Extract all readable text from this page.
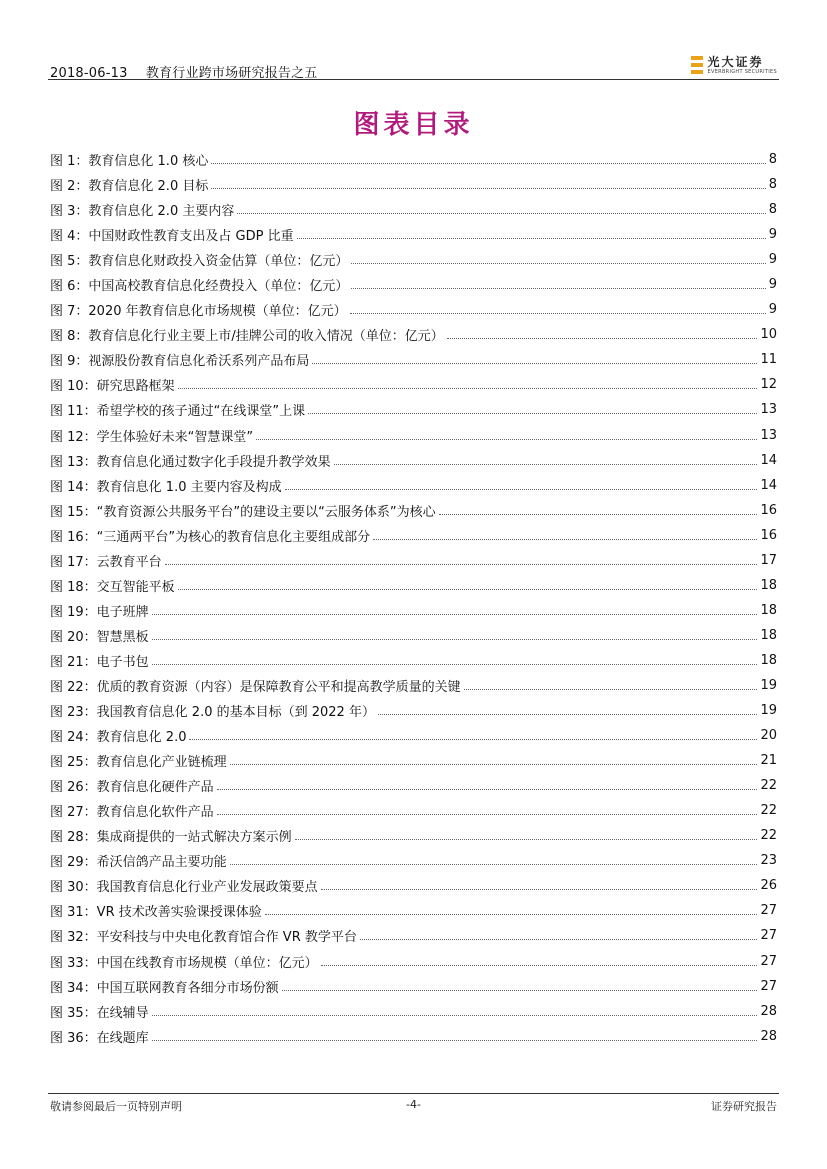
2018-06-13 教育行业跨市场研究报告之五
光大证券
EVERBRIGHT SECURITIES
图表目录
图 1：教育信息化 1.0 核心	8
图 2：教育信息化 2.0 目标	8
图 3：教育信息化 2.0 主要内容	8
图 4：中国财政性教育支出及占 GDP 比重	9
图 5：教育信息化财政投入资金估算（单位：亿元）	9
图 6：中国高校教育信息化经费投入（单位：亿元）	9
图 7：2020 年教育信息化市场规模（单位：亿元）	9
图 8：教育信息化行业主要上市/挂牌公司的收入情况（单位：亿元）	10
图 9：视源股份教育信息化希沃系列产品布局	11
图 10：研究思路框架	12
图 11：希望学校的孩子通过“在线课堂”上课	13
图 12：学生体验好未来“智慧课堂”	13
图 13：教育信息化通过数字化手段提升教学效果	14
图 14：教育信息化 1.0 主要内容及构成	14
图 15：“教育资源公共服务平台”的建设主要以“云服务体系”为核心	16
图 16：“三通两平台”为核心的教育信息化主要组成部分	16
图 17：云教育平台	17
图 18：交互智能平板	18
图 19：电子班牌	18
图 20：智慧黑板	18
图 21：电子书包	18
图 22：优质的教育资源（内容）是保障教育公平和提高教学质量的关键	19
图 23：我国教育信息化 2.0 的基本目标（到 2022 年）	19
图 24：教育信息化 2.0	20
图 25：教育信息化产业链梳理	21
图 26：教育信息化硬件产品	22
图 27：教育信息化软件产品	22
图 28：集成商提供的一站式解决方案示例	22
图 29：希沃信鸽产品主要功能	23
图 30：我国教育信息化行业产业发展政策要点	26
图 31：VR 技术改善实验课授课体验	27
图 32：平安科技与中央电化教育馆合作 VR 教学平台	27
图 33：中国在线教育市场规模（单位：亿元）	27
图 34：中国互联网教育各细分市场份额	27
图 35：在线辅导	28
图 36：在线题库	28
敬请参阅最后一页特别声明	-4-	证券研究报告
